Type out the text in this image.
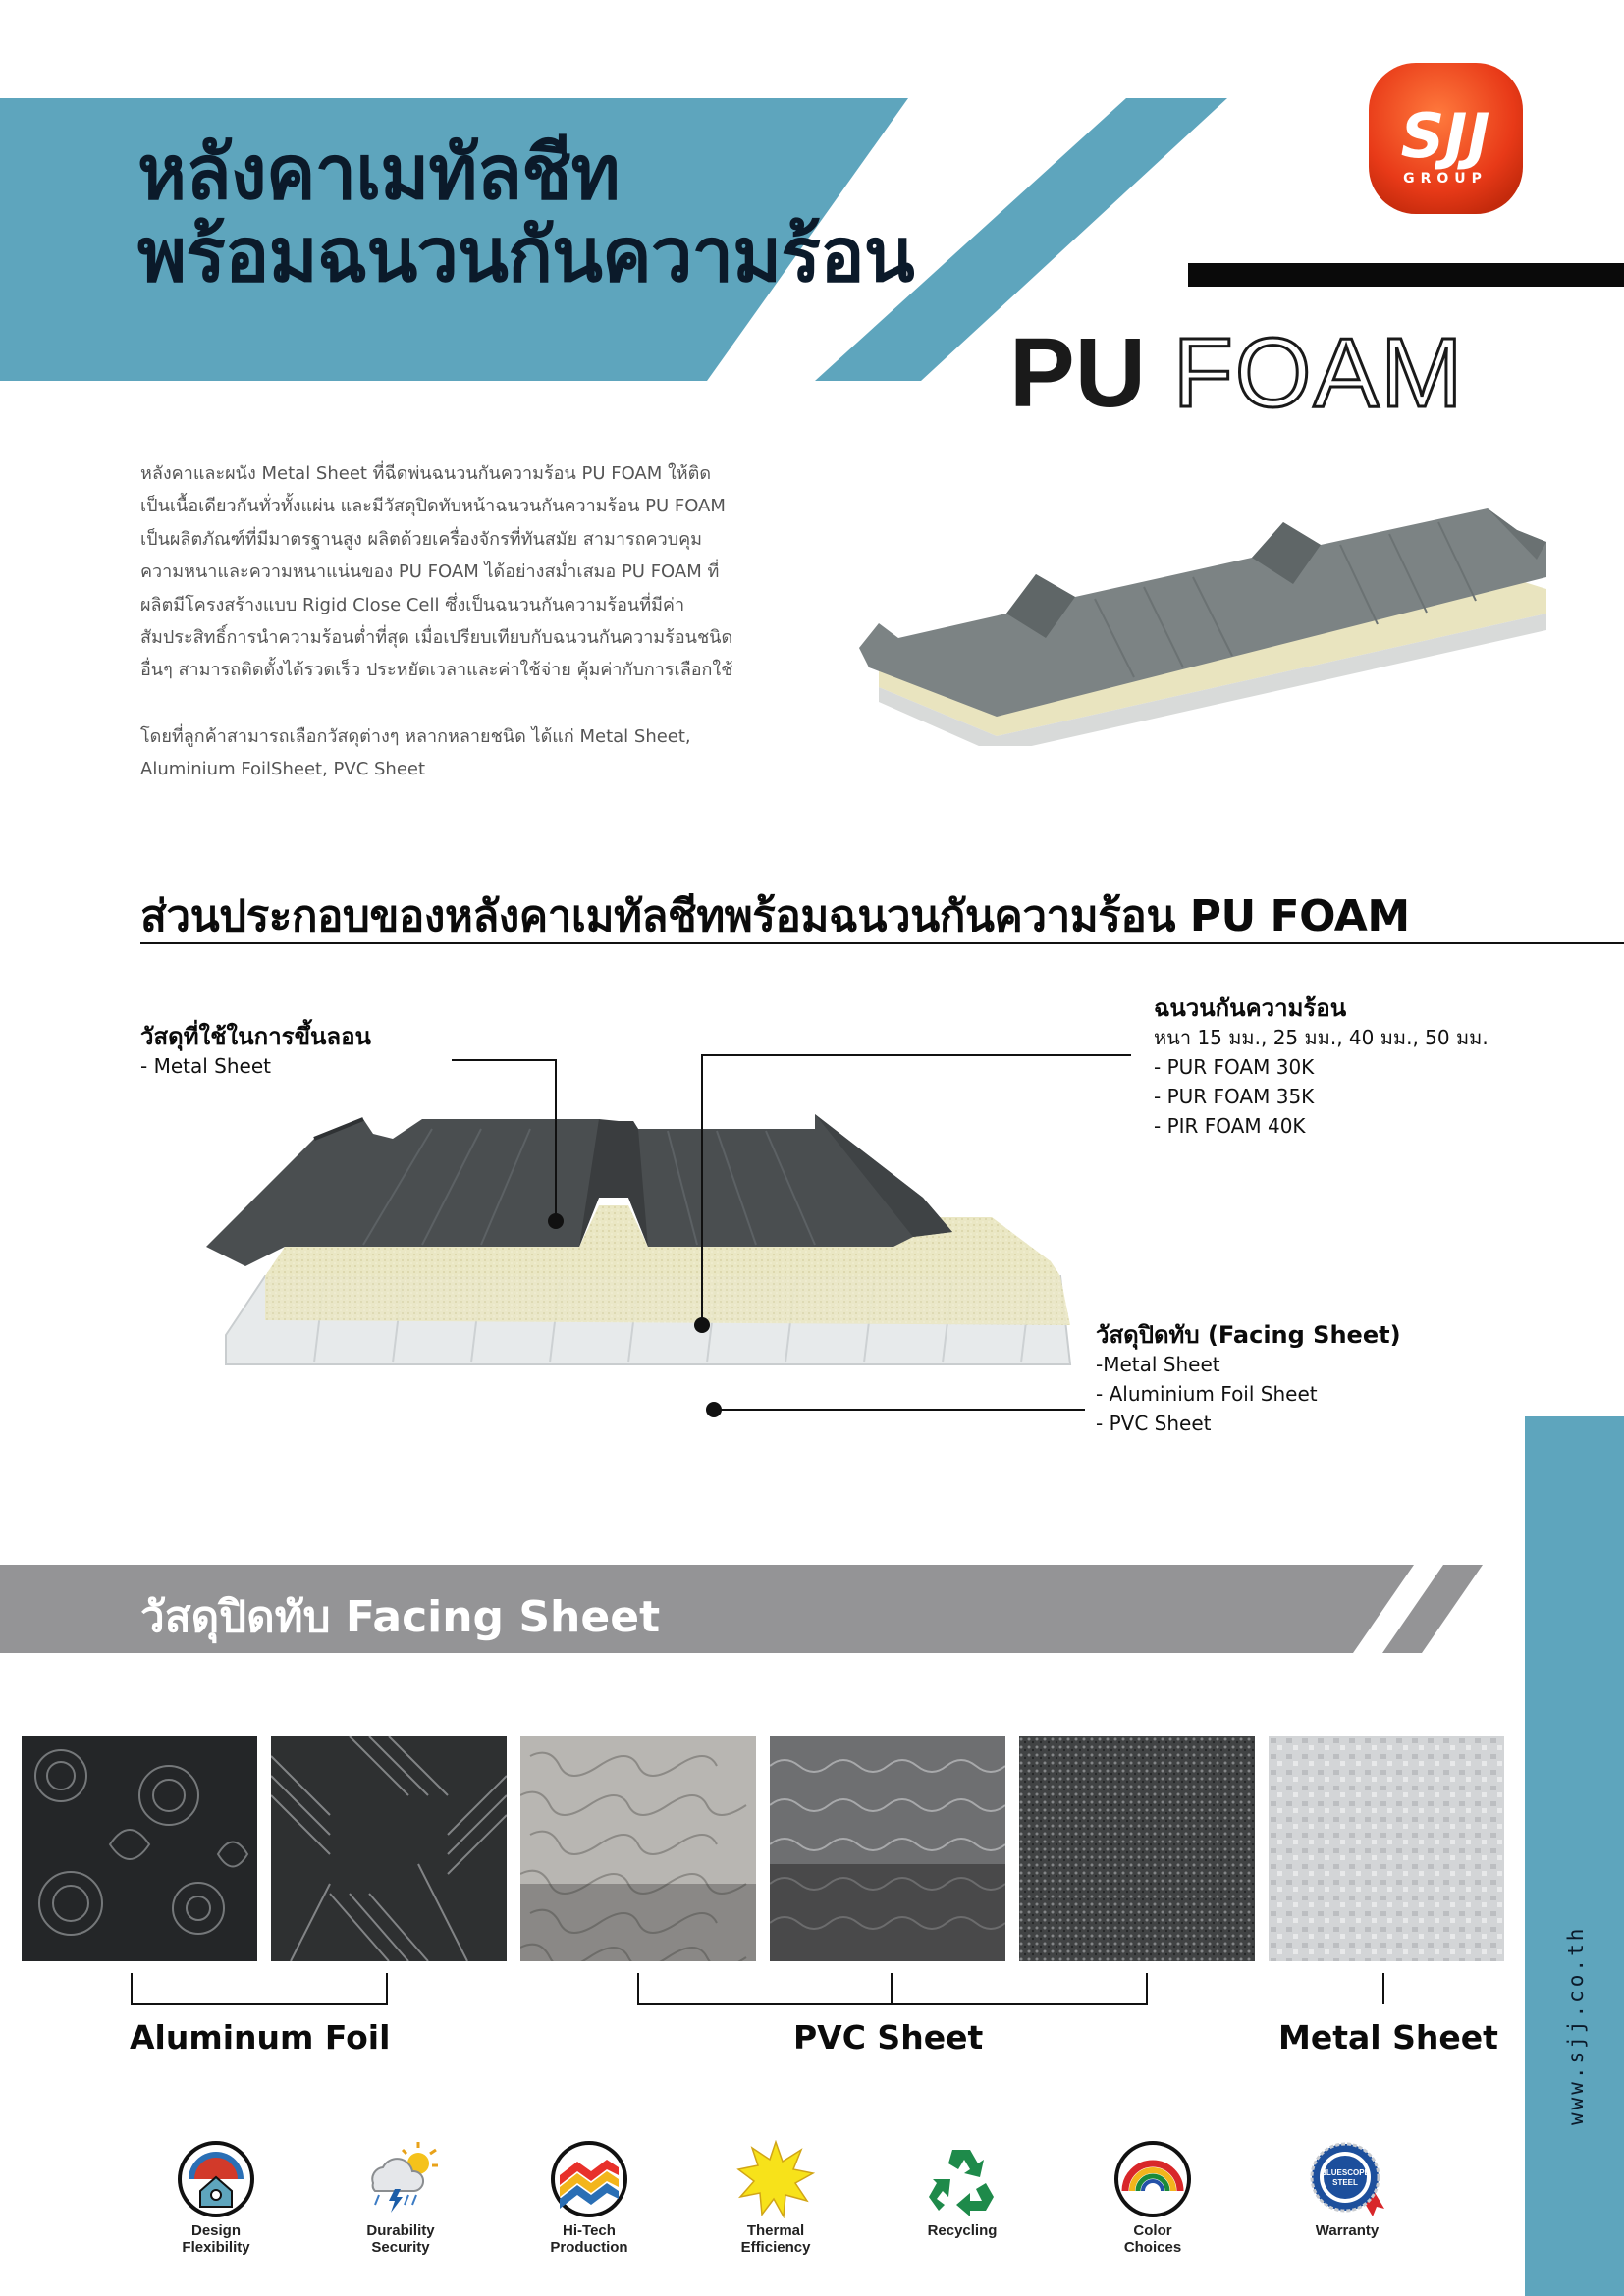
หลังคาเมทัลชีท
พร้อมฉนวนกันความร้อน
SJJ
GROUP
PU FOAM
หลังคาและผนัง Metal Sheet ที่ฉีดพ่นฉนวนกันความร้อน PU FOAM ให้ติด
เป็นเนื้อเดียวกันทั่วทั้งแผ่น และมีวัสดุปิดทับหน้าฉนวนกันความร้อน PU FOAM
เป็นผลิตภัณฑ์ที่มีมาตรฐานสูง ผลิตด้วยเครื่องจักรที่ทันสมัย สามารถควบคุม
ความหนาและความหนาแน่นของ PU FOAM ได้อย่างสม่ำเสมอ PU FOAM ที่
ผลิตมีโครงสร้างแบบ Rigid Close Cell ซึ่งเป็นฉนวนกันความร้อนที่มีค่า
สัมประสิทธิ์การนำความร้อนต่ำที่สุด เมื่อเปรียบเทียบกับฉนวนกันความร้อนชนิด
อื่นๆ สามารถติดตั้งได้รวดเร็ว ประหยัดเวลาและค่าใช้จ่าย คุ้มค่ากับการเลือกใช้
โดยที่ลูกค้าสามารถเลือกวัสดุต่างๆ หลากหลายชนิด ได้แก่ Metal Sheet,
Aluminium FoilSheet, PVC Sheet
ส่วนประกอบของหลังคาเมทัลชีทพร้อมฉนวนกันความร้อน PU FOAM
วัสดุที่ใช้ในการขึ้นลอน
- Metal Sheet
ฉนวนกันความร้อน
หนา 15 มม., 25 มม., 40 มม., 50 มม.
- PUR FOAM 30K
- PUR FOAM 35K
- PIR FOAM 40K
วัสดุปิดทับ (Facing Sheet)
-Metal Sheet
- Aluminium Foil Sheet
- PVC Sheet
วัสดุปิดทับ Facing Sheet
Aluminum Foil	PVC Sheet	Metal Sheet
Design
Flexibility
Durability
Security
Hi-Tech
Production
Thermal
Efficiency
Recycling	Color
Choices
BLUESCOPE
STEEL
Warranty
